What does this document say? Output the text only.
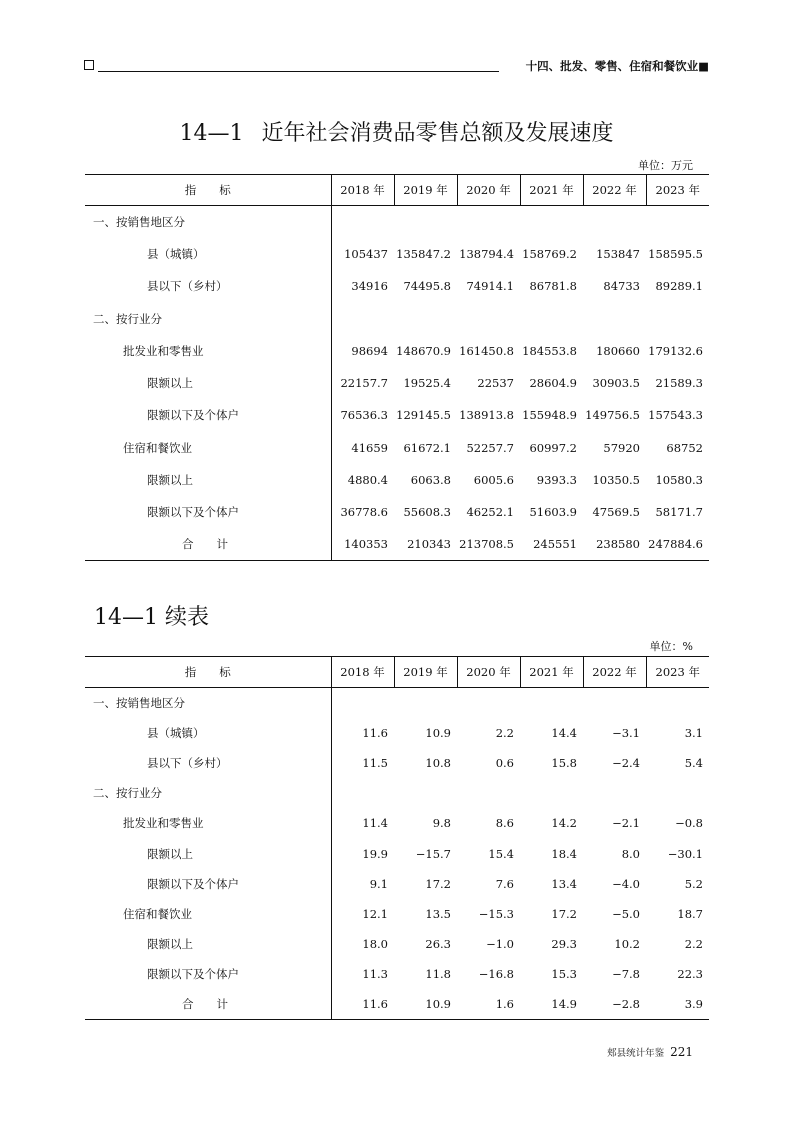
十四、批发、零售、住宿和餐饮业■
14—1 近年社会消费品零售总额及发展速度
单位：万元
指　　标	2018 年	2019 年	2020 年	2021 年	2022 年	2023 年
一、按销售地区分						
县（城镇）	105437	135847.2	138794.4	158769.2	153847	158595.5
县以下（乡村）	34916	74495.8	74914.1	86781.8	84733	89289.1
二、按行业分						
批发业和零售业	98694	148670.9	161450.8	184553.8	180660	179132.6
限额以上	22157.7	19525.4	22537	28604.9	30903.5	21589.3
限额以下及个体户	76536.3	129145.5	138913.8	155948.9	149756.5	157543.3
住宿和餐饮业	41659	61672.1	52257.7	60997.2	57920	68752
限额以上	4880.4	6063.8	6005.6	9393.3	10350.5	10580.3
限额以下及个体户	36778.6	55608.3	46252.1	51603.9	47569.5	58171.7
合　　计	140353	210343	213708.5	245551	238580	247884.6
14—1 续表
单位：%
指　　标	2018 年	2019 年	2020 年	2021 年	2022 年	2023 年
一、按销售地区分						
县（城镇）	11.6	10.9	2.2	14.4	−3.1	3.1
县以下（乡村）	11.5	10.8	0.6	15.8	−2.4	5.4
二、按行业分						
批发业和零售业	11.4	9.8	8.6	14.2	−2.1	−0.8
限额以上	19.9	−15.7	15.4	18.4	8.0	−30.1
限额以下及个体户	9.1	17.2	7.6	13.4	−4.0	5.2
住宿和餐饮业	12.1	13.5	−15.3	17.2	−5.0	18.7
限额以上	18.0	26.3	−1.0	29.3	10.2	2.2
限额以下及个体户	11.3	11.8	−16.8	15.3	−7.8	22.3
合　　计	11.6	10.9	1.6	14.9	−2.8	3.9
郏县统计年鉴 221
